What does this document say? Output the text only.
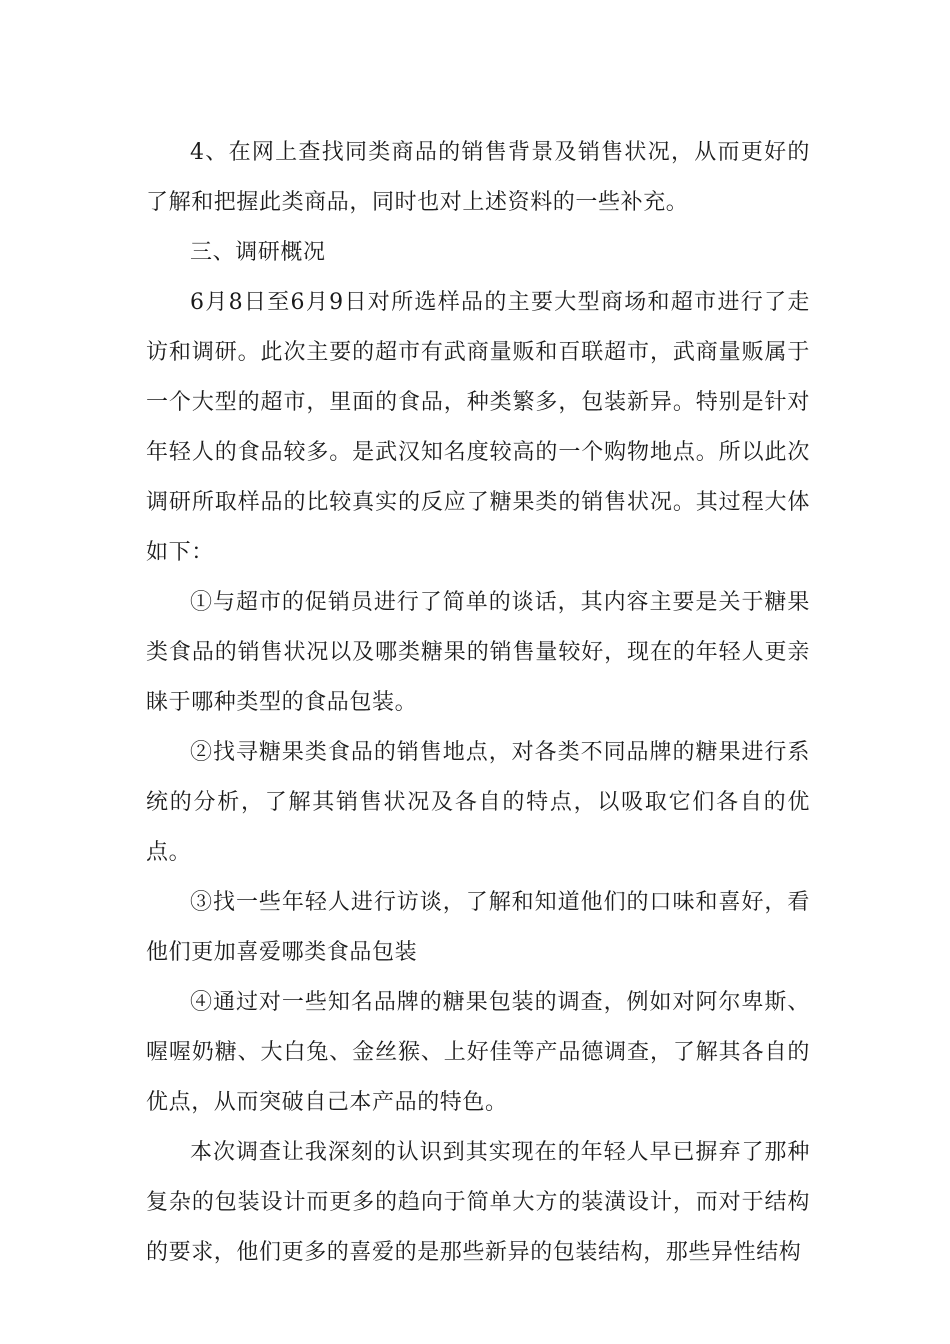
4、在网上查找同类商品的销售背景及销售状况，从而更好的了解和把握此类商品，同时也对上述资料的一些补充。

三、调研概况

6月8日至6月9日对所选样品的主要大型商场和超市进行了走访和调研。此次主要的超市有武商量贩和百联超市，武商量贩属于一个大型的超市，里面的食品，种类繁多，包装新异。特别是针对年轻人的食品较多。是武汉知名度较高的一个购物地点。所以此次调研所取样品的比较真实的反应了糖果类的销售状况。其过程大体如下：

①与超市的促销员进行了简单的谈话，其内容主要是关于糖果类食品的销售状况以及哪类糖果的销售量较好，现在的年轻人更亲睐于哪种类型的食品包装。

②找寻糖果类食品的销售地点，对各类不同品牌的糖果进行系统的分析，了解其销售状况及各自的特点，以吸取它们各自的优点。

③找一些年轻人进行访谈，了解和知道他们的口味和喜好，看他们更加喜爱哪类食品包装

④通过对一些知名品牌的糖果包装的调查，例如对阿尔卑斯、喔喔奶糖、大白兔、金丝猴、上好佳等产品德调查，了解其各自的优点，从而突破自己本产品的特色。

本次调查让我深刻的认识到其实现在的年轻人早已摒弃了那种复杂的包装设计而更多的趋向于简单大方的装潢设计，而对于结构的要求，他们更多的喜爱的是那些新异的包装结构，那些异性结构
